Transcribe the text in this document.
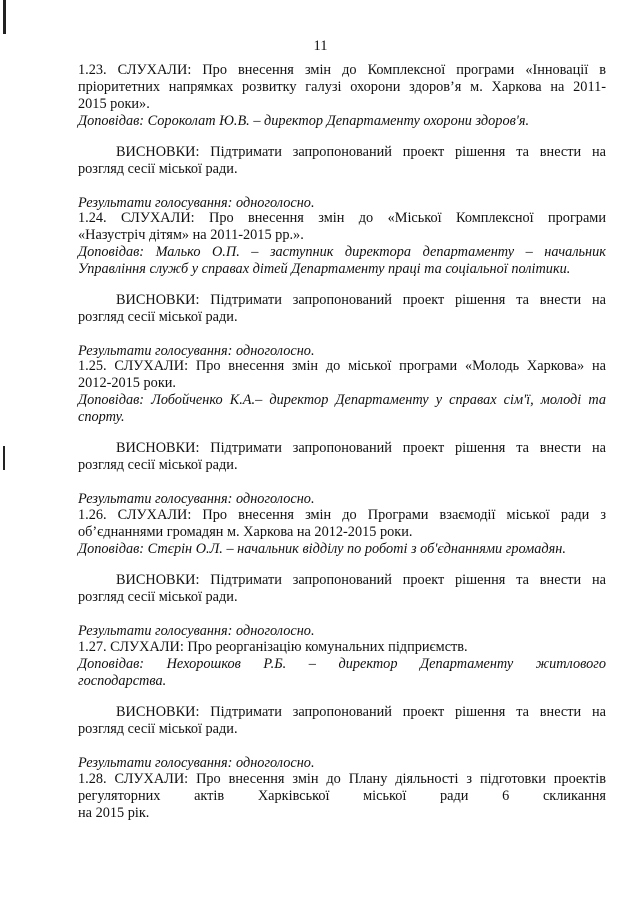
11
1.23. СЛУХАЛИ: Про внесення змін до Комплексної програми «Інновації в
пріоритетних напрямках розвитку галузі охорони здоров’я м. Харкова на 2011-
2015 роки».
Доповідав: Сороколат Ю.В. – директор Департаменту охорони здоров'я.
ВИСНОВКИ: Підтримати запропонований проект рішення та внести на
розгляд сесії міської ради.
Результати голосування: одноголосно.
1.24. СЛУХАЛИ: Про внесення змін до «Міської Комплексної програми
«Назустріч дітям» на 2011-2015 рр.».
Доповідав: Малько О.П. – заступник директора департаменту – начальник
Управління служб у справах дітей Департаменту праці та соціальної політики.
ВИСНОВКИ: Підтримати запропонований проект рішення та внести на
розгляд сесії міської ради.
Результати голосування: одноголосно.
1.25. СЛУХАЛИ: Про внесення змін до міської програми «Молодь Харкова» на
2012-2015 роки.
Доповідав: Лобойченко К.А.– директор Департаменту у справах сім'ї, молоді та
спорту.
ВИСНОВКИ: Підтримати запропонований проект рішення та внести на
розгляд сесії міської ради.
Результати голосування: одноголосно.
1.26. СЛУХАЛИ: Про внесення змін до Програми взаємодії міської ради з
об’єднаннями громадян м. Харкова на 2012-2015 роки.
Доповідав: Стєрін О.Л. – начальник відділу по роботі з об'єднаннями громадян.
ВИСНОВКИ: Підтримати запропонований проект рішення та внести на
розгляд сесії міської ради.
Результати голосування: одноголосно.
1.27. СЛУХАЛИ: Про реорганізацію комунальних підприємств.
Доповідав: Нехорошков Р.Б. – директор Департаменту житлового
господарства.
ВИСНОВКИ: Підтримати запропонований проект рішення та внести на
розгляд сесії міської ради.
Результати голосування: одноголосно.
1.28. СЛУХАЛИ: Про внесення змін до Плану діяльності з підготовки проектів
регуляторних актів Харківської міської ради 6 скликання
на 2015 рік.
